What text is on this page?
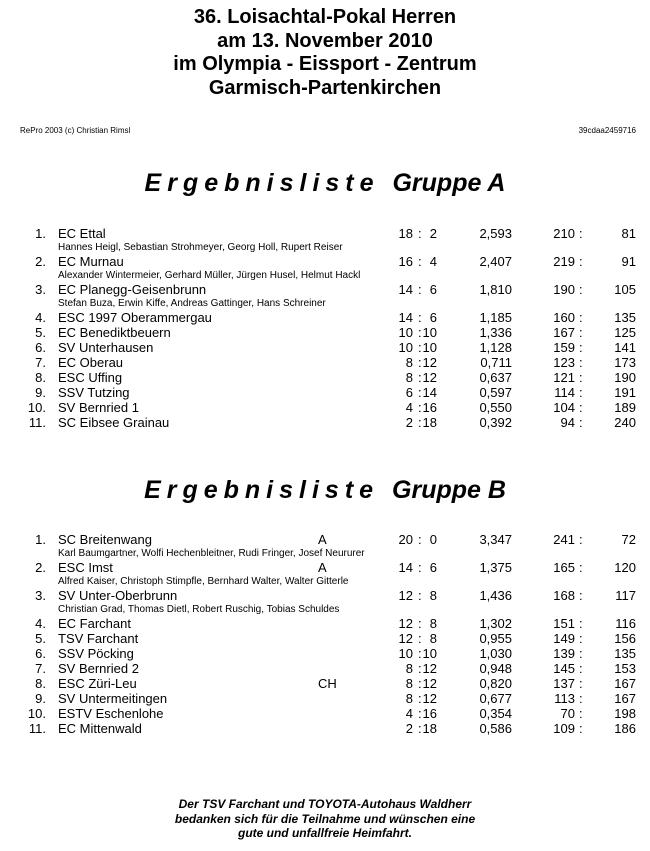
36. Loisachtal-Pokal Herren
am 13. November 2010
im Olympia - Eissport - Zentrum
Garmisch-Partenkirchen
RePro 2003 (c) Christian Rimsl	39cdaa2459716
Ergebnisliste Gruppe A
1. EC Ettal	18 : 2	2,593	210 :	81
Hannes Heigl, Sebastian Strohmeyer, Georg Holl, Rupert Reiser
2. EC Murnau	16 : 4	2,407	219 :	91
Alexander Wintermeier, Gerhard Müller, Jürgen Husel, Helmut Hackl
3. EC Planegg-Geisenbrunn	14 : 6	1,810	190 : 105
Stefan Buza, Erwin Kiffe, Andreas Gattinger, Hans Schreiner
4. ESC 1997 Oberammergau	14 : 6	1,185	160 : 135
5. EC Benediktbeuern	10 : 10	1,336	167 : 125
6. SV Unterhausen	10 : 10	1,128	159 : 141
7. EC Oberau	8 : 12	0,711	123 : 173
8. ESC Uffing	8 : 12	0,637	121 : 190
9. SSV Tutzing	6 : 14	0,597	114 : 191
10. SV Bernried 1	4 : 16	0,550	104 : 189
11. SC Eibsee Grainau	2 : 18	0,392	94 : 240
Ergebnisliste Gruppe B
1. SC Breitenwang	A	20 : 0	3,347	241 :	72
Karl Baumgartner, Wolfi Hechenbleitner, Rudi Fringer, Josef Neururer
2. ESC Imst	A	14 : 6	1,375	165 : 120
Alfred Kaiser, Christoph Stimpfle, Bernhard Walter, Walter Gitterle
3. SV Unter-Oberbrunn	12 : 8	1,436	168 :	117
Christian Grad, Thomas Dietl, Robert Ruschig, Tobias Schuldes
4. EC Farchant	12 : 8	1,302	151 :	116
5. TSV Farchant	12 : 8	0,955	149 : 156
6. SSV Pöcking	10 : 10	1,030	139 : 135
7. SV Bernried 2	8 : 12	0,948	145 : 153
8. ESC Züri-Leu	CH	8 : 12	0,820	137 : 167
9. SV Untermeitingen	8 : 12	0,677	113 : 167
10. ESTV Eschenlohe	4 : 16	0,354	70 : 198
11. EC Mittenwald	2 : 18	0,586	109 : 186
Der TSV Farchant und TOYOTA-Autohaus Waldherr
bedanken sich für die Teilnahme und wünschen eine
gute und unfallfreie Heimfahrt.
